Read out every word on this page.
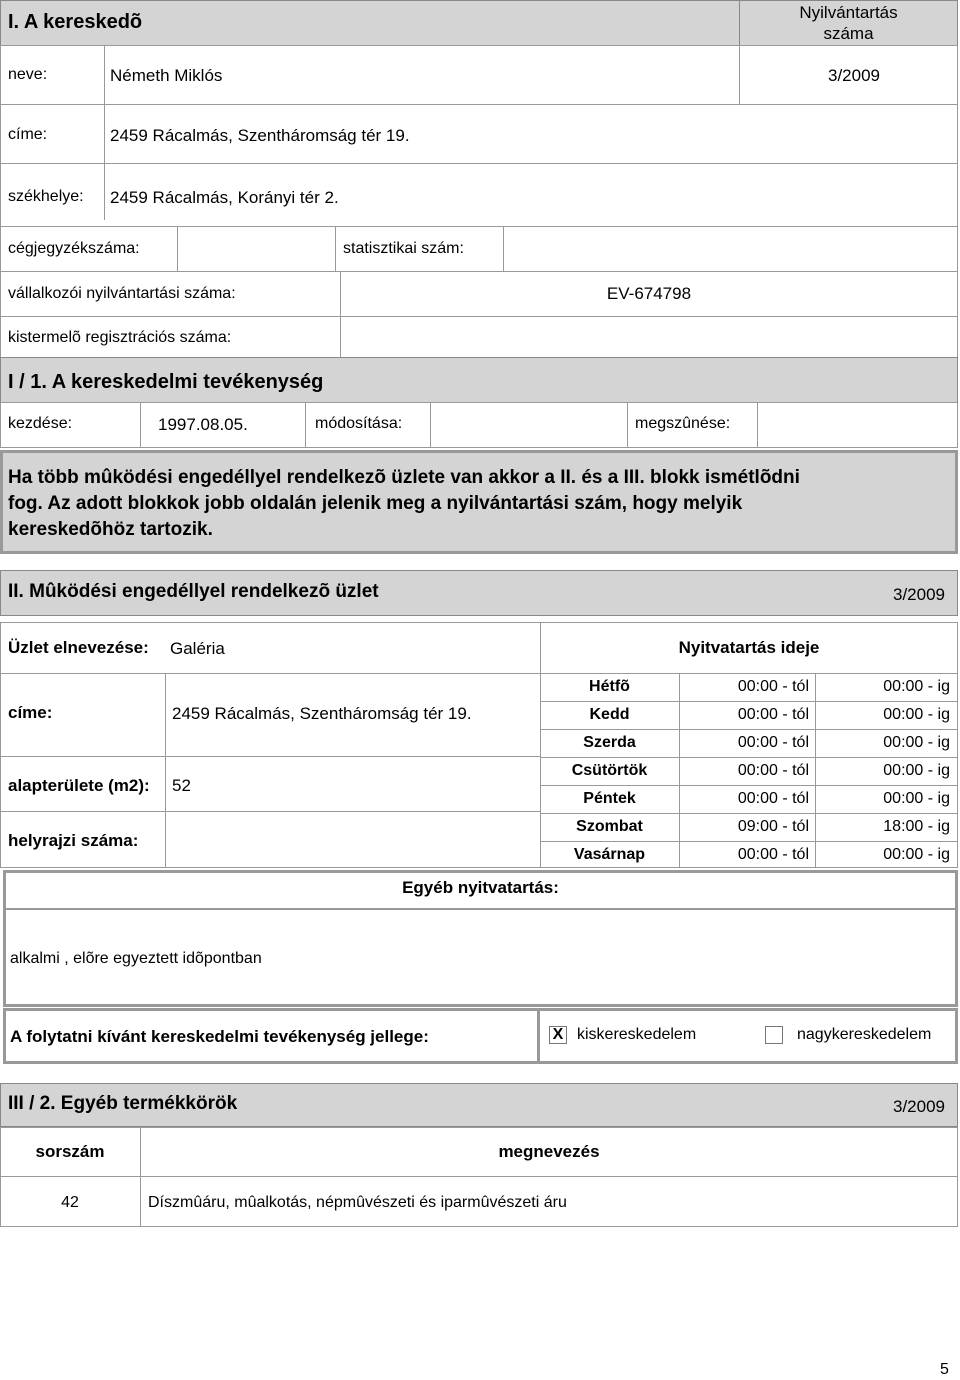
I. A kereskedõ	Nyilvántartás
száma
neve:	Németh Miklós	3/2009
címe:	2459 Rácalmás, Szentháromság tér 19.
székhelye: 2459 Rácalmás, Korányi tér 2.
cégjegyzékszáma:	statisztikai szám:
vállalkozói nyilvántartási száma:	EV-674798
kistermelõ regisztrációs száma:
I / 1. A kereskedelmi tevékenység
kezdése:	1997.08.05.	módosítása:	megszûnése:
Ha több mûködési engedéllyel rendelkezõ üzlete van akkor a II. és a III. blokk ismétlõdni
fog. Az adott blokkok jobb oldalán jelenik meg a nyilvántartási szám, hogy melyik
kereskedõhöz tartozik.
II. Mûködési engedéllyel rendelkezõ üzlet	3/2009
Üzlet elnevezése: Galéria	Nyitvatartás ideje
címe:	2459 Rácalmás, Szentháromság tér 19.
alapterülete (m2): 52
helyrajzi száma:
Hétfõ	00:00 - tól	00:00 - ig
Kedd	00:00 - tól	00:00 - ig
Szerda	00:00 - tól	00:00 - ig
Csütörtök	00:00 - tól	00:00 - ig
Péntek	00:00 - tól	00:00 - ig
Szombat	09:00 - tól	18:00 - ig
Vasárnap	00:00 - tól	00:00 - ig
Egyéb nyitvatartás:
alkalmi , elõre egyeztett idõpontban
A folytatni kívánt kereskedelmi tevékenység jellege:	X kiskereskedelem	nagykereskedelem
III / 2. Egyéb termékkörök	3/2009
sorszám	megnevezés
42	Díszmûáru, mûalkotás, népmûvészeti és iparmûvészeti áru
5
